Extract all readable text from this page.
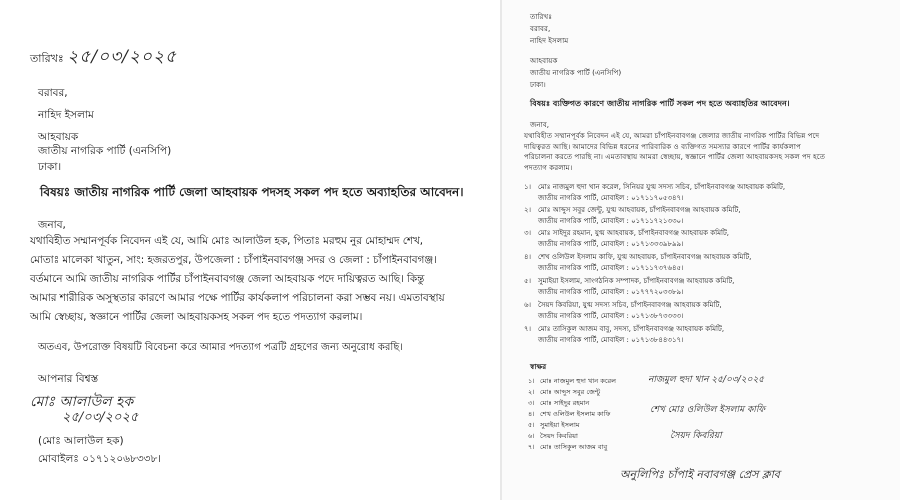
তারিখঃ ২৫/০৩/২০২৫
বরাবর,
নাহিদ ইসলাম
আহবায়ক
জাতীয় নাগরিক পার্টি (এনসিপি)
ঢাকা।
বিষয়ঃ জাতীয় নাগরিক পার্টি জেলা আহবায়ক পদসহ সকল পদ হতে অব্যাহতির আবেদন।
জনাব,
যথাবিহীত সম্মানপূর্বক নিবেদন এই যে, আমি মোঃ আলাউল হক, পিতাঃ মরহুম নুর মোহাম্মদ শেখ,
মোতাঃ মালেকা খাতুন, সাং: হজরতপুর, উপজেলা : চাঁপাইনবাবগঞ্জ সদর ও জেলা : চাঁপাইনবাবগঞ্জ।
বর্তমানে আমি জাতীয় নাগরিক পার্টির চাঁপাইনবাবগঞ্জ জেলা আহবায়ক পদে দায়িত্বরত আছি। কিন্তু
আমার শারীরিক অসুস্থতার কারণে আমার পক্ষে পার্টির কার্যকলাপ পরিচালনা করা সম্ভব নয়। এমতাবস্থায়
আমি স্বেচ্ছায়, স্বজ্ঞানে পার্টির জেলা আহবায়কসহ সকল পদ হতে পদত্যাগ করলাম।
অতএব, উপরোক্ত বিষয়টি বিবেচনা করে আমার পদত্যাগ পত্রটি গ্রহণের জন্য অনুরোধ করছি।
আপনার বিশ্বস্ত
মোঃ আলাউল হক
২৫/০৩/২০২৫
(মোঃ আলাউল হক)
মোবাইলঃ ০১৭১২০৬৮৩৩৮।
তারিখঃ
বরাবর,
নাহিদ ইসলাম
আহবায়ক
জাতীয় নাগরিক পার্টি (এনসিপি)
ঢাকা।
বিষয়ঃ ব্যক্তিগত কারণে জাতীয় নাগরিক পার্টি সকল পদ হতে অব্যাহতির আবেদন।
জনাব,
যথাবিহীত সম্মানপূর্বক নিবেদন এই যে, আমরা চাঁপাইনবাবগঞ্জ জেলার জাতীয় নাগরিক পার্টির বিভিন্ন পদে
দায়িত্বরত আছি। আমাদের বিভিন্ন ধরনের পারিবারিক ও ব্যক্তিগত সমস্যার কারণে পার্টির কার্যকলাপ
পরিচালনা করতে পারছি না। এমতাবস্থায় আমরা স্বেচ্ছায়, স্বজ্ঞানে পার্টির জেলা আহবায়কসহ সকল পদ হতে
পদত্যাগ করলাম।
১। মোঃ নাজমুল হুদা খান করেল, সিনিয়র যুগ্ম সদস্য সচিব, চাঁপাইনবাবগঞ্জ আহবায়ক কমিটি,
জাতীয় নাগরিক পার্টি, মোবাইল : ০১৭১১৭০৫৩৪৭।
২। মোঃ আব্দুস সবুর জেন্টু, যুগ্ম আহবায়ক, চাঁপাইনবাবগঞ্জ আহবায়ক কমিটি,
জাতীয় নাগরিক পার্টি, মোবাইল : ০১৭১১৭২১৩৩০।
৩। মোঃ সাইদুর রহমান, যুগ্ম আহবায়ক, চাঁপাইনবাবগঞ্জ আহবায়ক কমিটি,
জাতীয় নাগরিক পার্টি, মোবাইল : ০১৭১৩৩৩৯৮৯৯।
৪। শেখ ওলিউল ইসলাম কাফি, যুগ্ম আহবায়ক, চাঁপাইনবাবগঞ্জ আহবায়ক কমিটি,
জাতীয় নাগরিক পার্টি, মোবাইল : ০১৭১১৭৩৭৬৪৫।
৫। সুমাইয়া ইসলাম, সাংগঠনিক সম্পাদক, চাঁপাইনবাবগঞ্জ আহবায়ক কমিটি,
জাতীয় নাগরিক পার্টি, মোবাইল : ০১৭৭৭২০৩৩৮৯।
৬। সৈয়দ কিবরিয়া, যুগ্ম সদস্য সচিব, চাঁপাইনবাবগঞ্জ আহবায়ক কমিটি,
জাতীয় নাগরিক পার্টি, মোবাইল : ০১৭১৩৮৭৩৩৩৩।
৭। মোঃ তাসিকুল আজম বাবু, সদস্য, চাঁপাইনবাবগঞ্জ আহবায়ক কমিটি,
জাতীয় নাগরিক পার্টি, মোবাইল : ০১৭১৩৮৪৪৩১৭।
স্বাক্ষর
১। মোঃ নাজমুল হুদা খান করেল
২। মোঃ আব্দুস সবুর জেন্টু
৩। মোঃ সাইদুর রহমান
৪। শেখ ওলিউল ইসলাম কাফি
৫। সুমাইয়া ইসলাম
৬। সৈয়দ কিবরিয়া
৭। মোঃ তাসিকুল আজম বাবু
নাজমুল হুদা খান ২৫/০৩/২০২৫
শেখ মোঃ ওলিউল ইসলাম কাফি
সৈয়দ কিবরিয়া
অনুলিপিঃ চাঁপাই নবাবগঞ্জ প্রেস ক্লাব
